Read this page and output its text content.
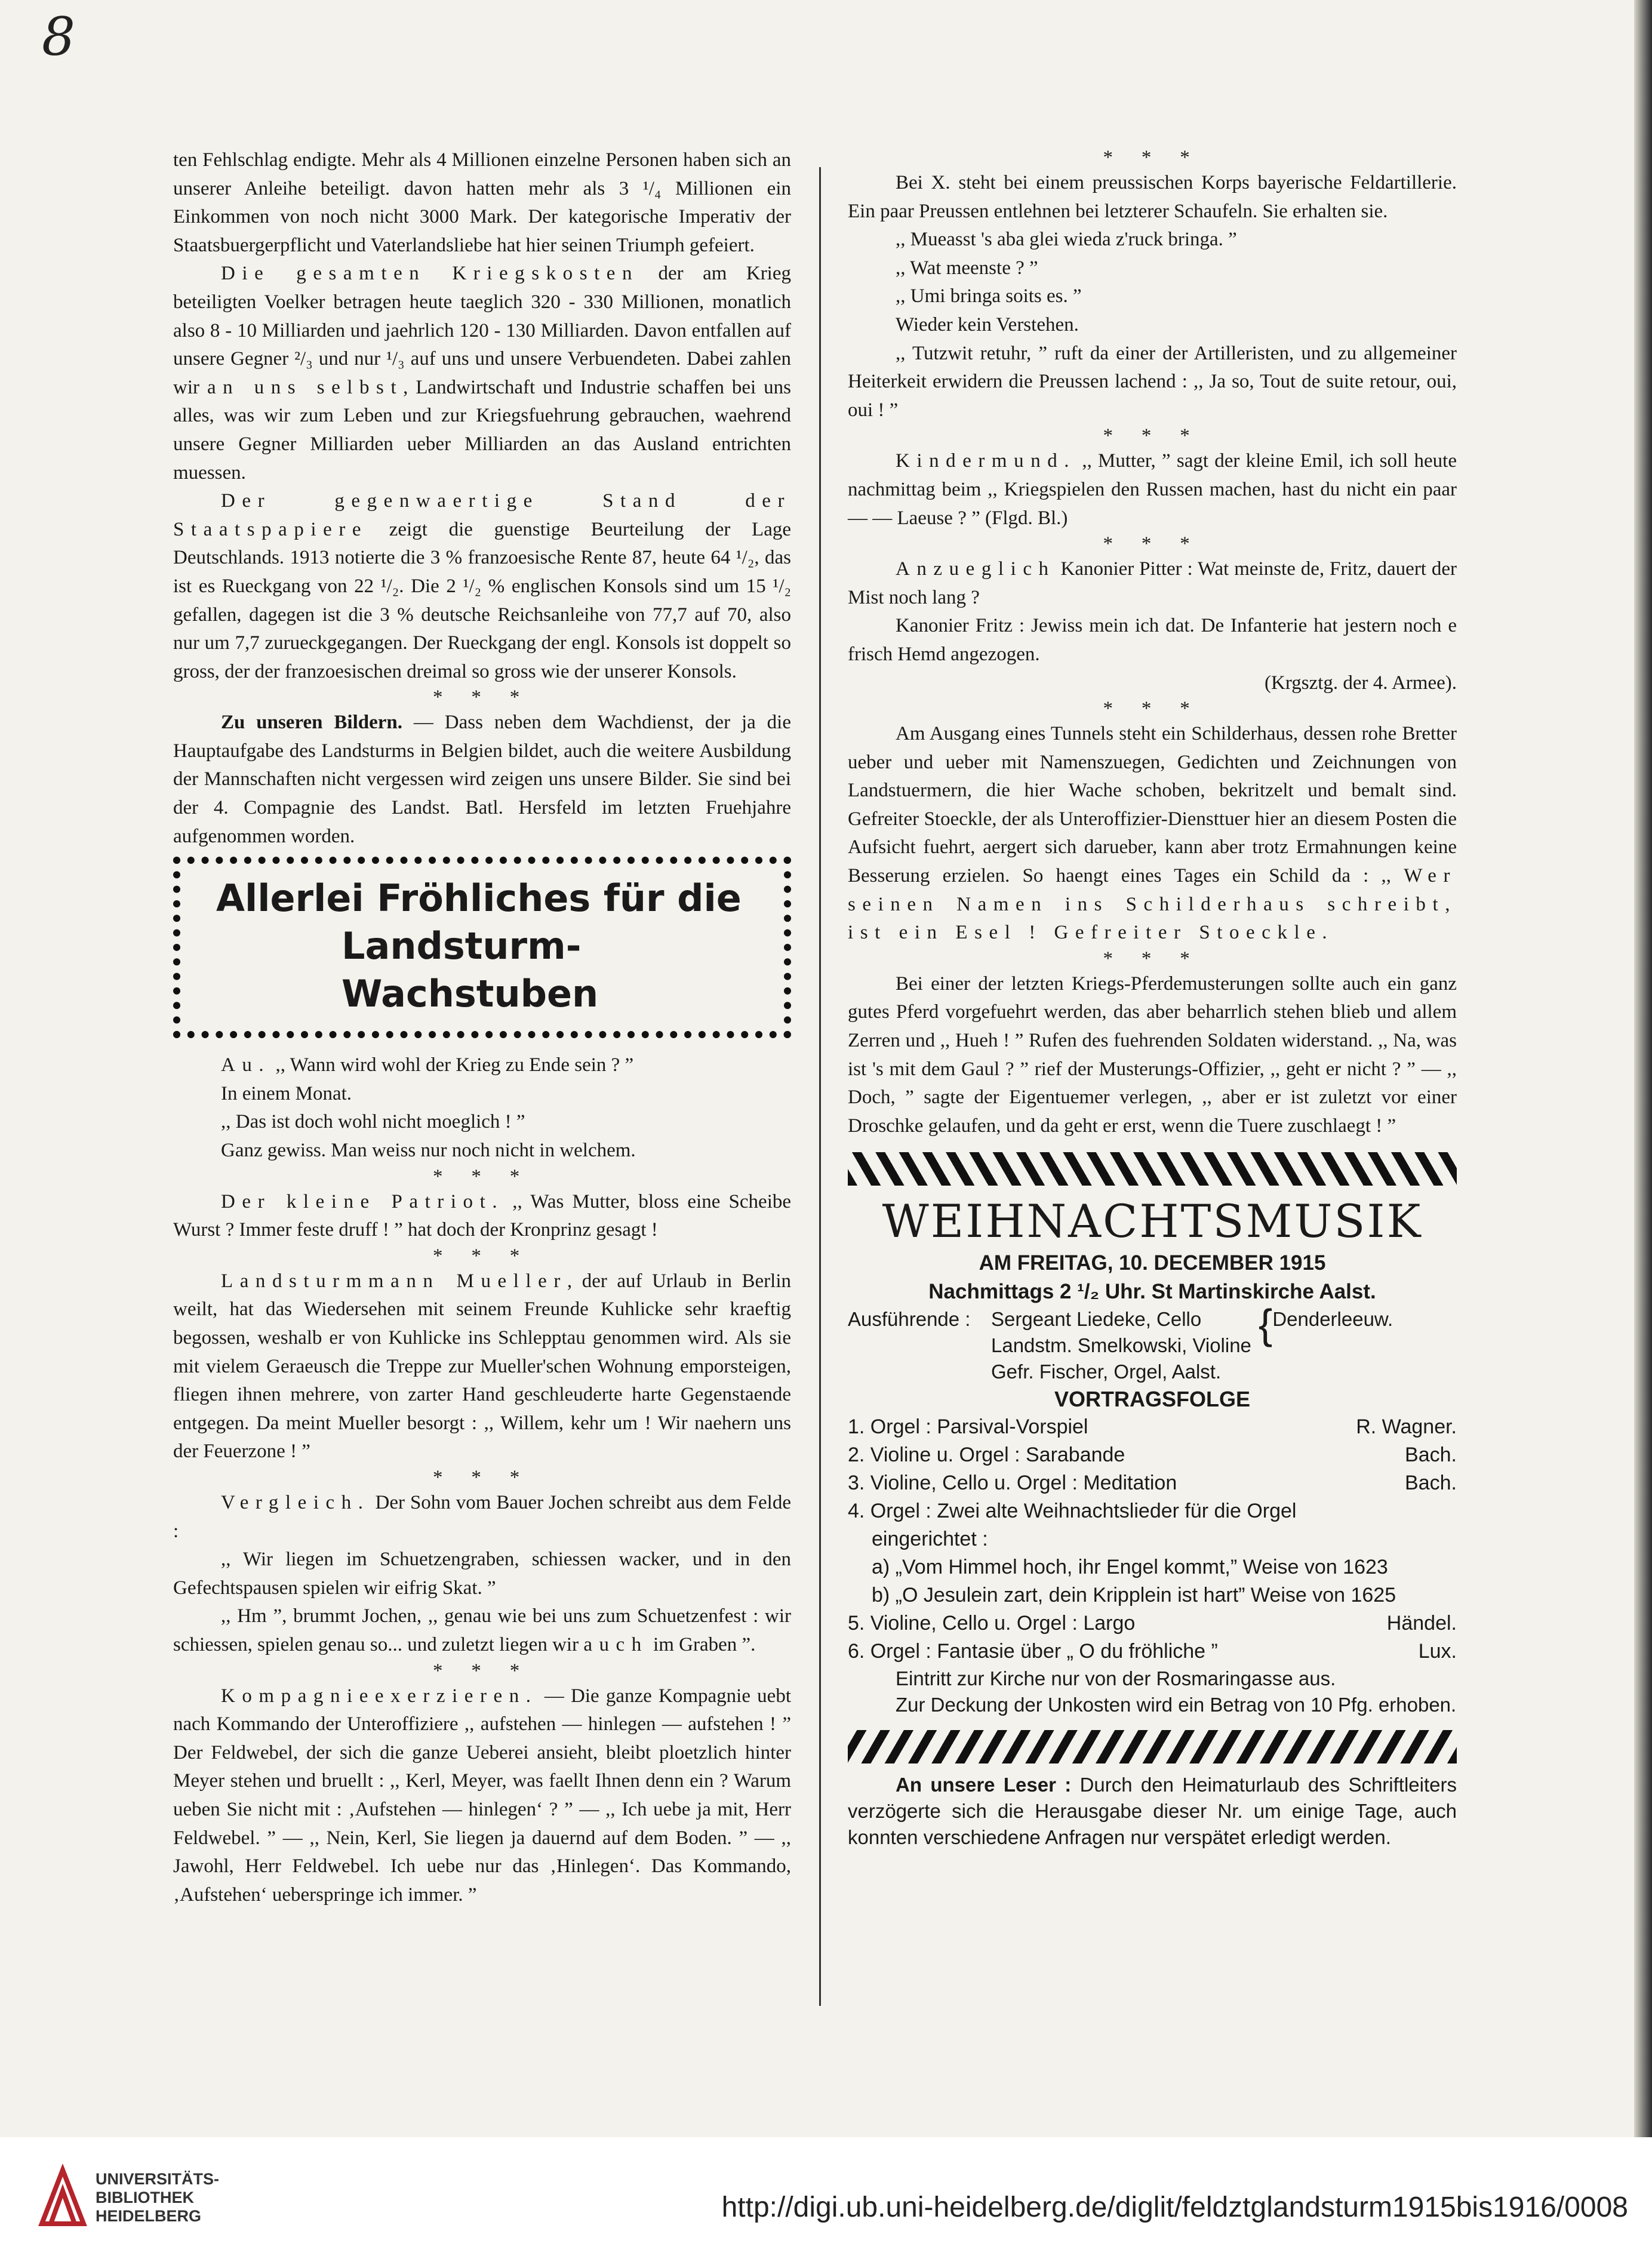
8

ten Fehlschlag endigte. Mehr als 4 Millionen einzelne Personen haben sich an unserer Anleihe beteiligt. davon hatten mehr als 3 ¹/₄ Millionen ein Einkommen von noch nicht 3000 Mark. Der kategorische Imperativ der Staatsbuergerpflicht und Vaterlandsliebe hat hier seinen Triumph gefeiert.

Die gesamten Kriegskosten der am Krieg beteiligten Voelker betragen heute taeglich 320 - 330 Millionen, monatlich also 8 - 10 Milliarden und jaehrlich 120 - 130 Milliarden. Davon entfallen auf unsere Gegner ²/₃ und nur ¹/₃ auf uns und unsere Verbuendeten. Dabei zahlen wir an uns selbst, Landwirtschaft und Industrie schaffen bei uns alles, was wir zum Leben und zur Kriegsfuehrung gebrauchen, waehrend unsere Gegner Milliarden ueber Milliarden an das Ausland entrichten muessen.

Der gegenwaertige Stand der Staatspapiere zeigt die guenstige Beurteilung der Lage Deutschlands. 1913 notierte die 3 % franzoesische Rente 87, heute 64 ¹/₂, das ist es Rueckgang von 22 ¹/₂. Die 2 ¹/₂ % englischen Konsols sind um 15 ¹/₂ gefallen, dagegen ist die 3 % deutsche Reichsanleihe von 77,7 auf 70, also nur um 7,7 zurueckgegangen. Der Rueckgang der engl. Konsols ist doppelt so gross, der der franzoesischen dreimal so gross wie der unserer Konsols.

* * *

Zu unseren Bildern. — Dass neben dem Wachdienst, der ja die Hauptaufgabe des Landsturms in Belgien bildet, auch die weitere Ausbildung der Mannschaften nicht vergessen wird zeigen uns unsere Bilder. Sie sind bei der 4. Compagnie des Landst. Batl. Hersfeld im letzten Fruehjahre aufgenommen worden.

Allerlei Fröhliches für die
Landsturm-Wachstuben

Au. ,, Wann wird wohl der Krieg zu Ende sein ? ”

In einem Monat.

,, Das ist doch wohl nicht moeglich ! ”

Ganz gewiss. Man weiss nur noch nicht in welchem.

* * *

Der kleine Patriot. ,, Was Mutter, bloss eine Scheibe Wurst ? Immer feste druff ! ” hat doch der Kronprinz gesagt !

* * *

Landsturmmann Mueller, der auf Urlaub in Berlin weilt, hat das Wiedersehen mit seinem Freunde Kuhlicke sehr kraeftig begossen, weshalb er von Kuhlicke ins Schlepptau genommen wird. Als sie mit vielem Geraeusch die Treppe zur Mueller'schen Wohnung emporsteigen, fliegen ihnen mehrere, von zarter Hand geschleuderte harte Gegenstaende entgegen. Da meint Mueller besorgt : ,, Willem, kehr um ! Wir naehern uns der Feuerzone ! ”

* * *

Vergleich. Der Sohn vom Bauer Jochen schreibt aus dem Felde :

,, Wir liegen im Schuetzengraben, schiessen wacker, und in den Gefechtspausen spielen wir eifrig Skat. ”

,, Hm ”, brummt Jochen, ,, genau wie bei uns zum Schuetzenfest : wir schiessen, spielen genau so... und zuletzt liegen wir auch im Graben ”.

* * *

Kompagnieexerzieren. — Die ganze Kompagnie uebt nach Kommando der Unteroffiziere ,, aufstehen — hinlegen — aufstehen ! ” Der Feldwebel, der sich die ganze Ueberei ansieht, bleibt ploetzlich hinter Meyer stehen und bruellt : ,, Kerl, Meyer, was faellt Ihnen denn ein ? Warum ueben Sie nicht mit : ‚Aufstehen — hinlegen‘ ? ” — ,, Ich uebe ja mit, Herr Feldwebel. ” — ,, Nein, Kerl, Sie liegen ja dauernd auf dem Boden. ” — ,, Jawohl, Herr Feldwebel. Ich uebe nur das ‚Hinlegen‘. Das Kommando, ‚Aufstehen‘ ueberspringe ich immer. ”

* * *

Bei X. steht bei einem preussischen Korps bayerische Feldartillerie. Ein paar Preussen entlehnen bei letzterer Schaufeln. Sie erhalten sie.

,, Mueasst 's aba glei wieda z'ruck bringa. ”

,, Wat meenste ? ”

,, Umi bringa soits es. ”

Wieder kein Verstehen.

,, Tutzwit retuhr, ” ruft da einer der Artilleristen, und zu allgemeiner Heiterkeit erwidern die Preussen lachend : ,, Ja so, Tout de suite retour, oui, oui ! ”

* * *

Kindermund. ,, Mutter, ” sagt der kleine Emil, ich soll heute nachmittag beim ,, Kriegspielen den Russen machen, hast du nicht ein paar — — Laeuse ? ” (Flgd. Bl.)

* * *

Anzueglich Kanonier Pitter : Wat meinste de, Fritz, dauert der Mist noch lang ?

Kanonier Fritz : Jewiss mein ich dat. De Infanterie hat jestern noch e frisch Hemd angezogen.

(Krgsztg. der 4. Armee).

* * *

Am Ausgang eines Tunnels steht ein Schilderhaus, dessen rohe Bretter ueber und ueber mit Namenszuegen, Gedichten und Zeichnungen von Landstuermern, die hier Wache schoben, bekritzelt und bemalt sind. Gefreiter Stoeckle, der als Unteroffizier-Diensttuer hier an diesem Posten die Aufsicht fuehrt, aergert sich darueber, kann aber trotz Ermahnungen keine Besserung erzielen. So haengt eines Tages ein Schild da : ,, Wer seinen Namen ins Schilderhaus schreibt, ist ein Esel ! Gefreiter Stoeckle.

* * *

Bei einer der letzten Kriegs-Pferdemusterungen sollte auch ein ganz gutes Pferd vorgefuehrt werden, das aber beharrlich stehen blieb und allem Zerren und ,, Hueh ! ” Rufen des fuehrenden Soldaten widerstand. ,, Na, was ist 's mit dem Gaul ? ” rief der Musterungs-Offizier, ,, geht er nicht ? ” — ,, Doch, ” sagte der Eigentuemer verlegen, ,, aber er ist zuletzt vor einer Droschke gelaufen, und da geht er erst, wenn die Tuere zuschlaegt ! ”

WEIHNACHTSMUSIK

AM FREITAG, 10. DECEMBER 1915

Nachmittags 2 ¹/₂ Uhr. St Martinskirche Aalst.

Ausführende :	Sergeant Liedeke, Cello
Landstm. Smelkowski, Violine
Gefr. Fischer, Orgel, Aalst.
{ Denderleeuw.

VORTRAGSFOLGE

1. Orgel : Parsival-Vorspiel	R. Wagner.
2. Violine u. Orgel : Sarabande	Bach.
3. Violine, Cello u. Orgel : Meditation	Bach.
4. Orgel : Zwei alte Weihnachtslieder für die Orgel
eingerichtet :
a) „Vom Himmel hoch, ihr Engel kommt,” Weise von 1623
b) „O Jesulein zart, dein Kripplein ist hart” Weise von 1625
5. Violine, Cello u. Orgel : Largo	Händel.
6. Orgel : Fantasie über „ O du fröhliche ”	Lux.

Eintritt zur Kirche nur von der Rosmaringasse aus.

Zur Deckung der Unkosten wird ein Betrag von 10 Pfg. erhoben.

An unsere Leser : Durch den Heimaturlaub des Schriftleiters verzögerte sich die Herausgabe dieser Nr. um einige Tage, auch konnten verschiedene Anfragen nur verspätet erledigt werden.

UNIVERSITÄTS-
BIBLIOTHEK
HEIDELBERG	http://digi.ub.uni-heidelberg.de/diglit/feldztglandsturm1915bis1916/0008
